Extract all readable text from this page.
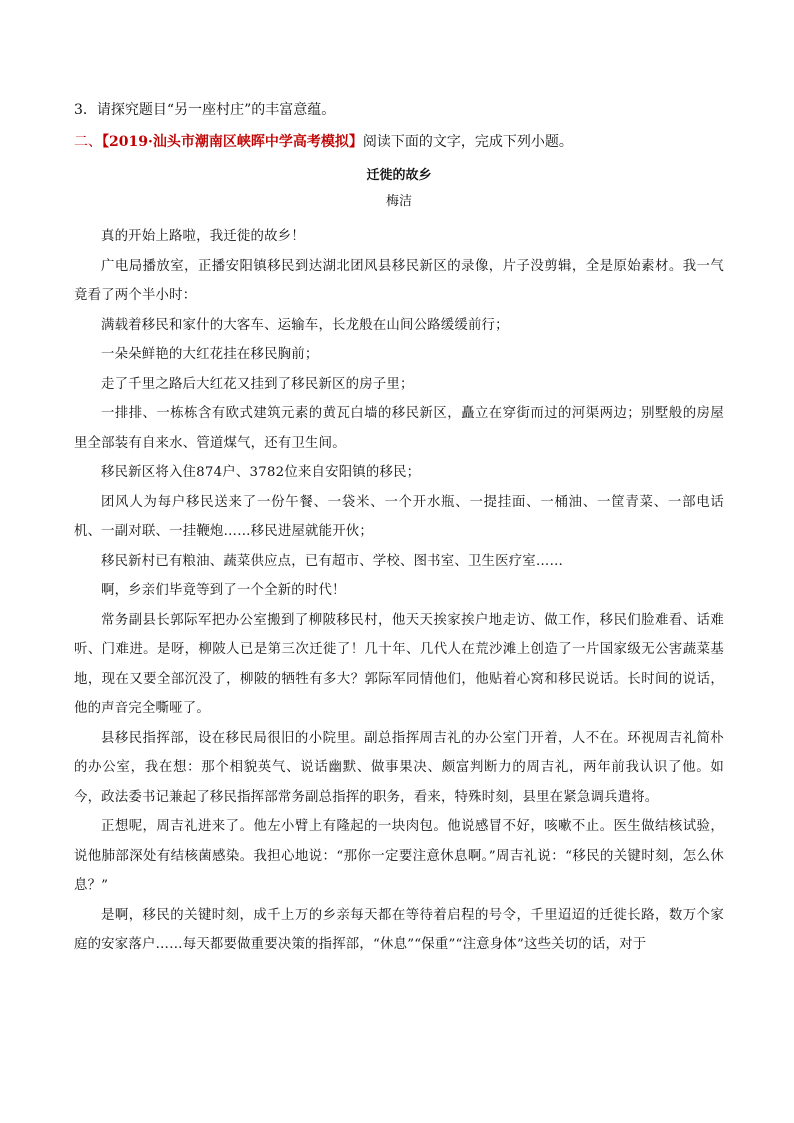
3．请探究题目“另一座村庄”的丰富意蕴。

二、【2019·汕头市潮南区峡晖中学高考模拟】阅读下面的文字，完成下列小题。

迁徙的故乡
梅洁

真的开始上路啦，我迁徙的故乡！

广电局播放室，正播安阳镇移民到达湖北团风县移民新区的录像，片子没剪辑，全是原始素材。我一气竟看了两个半小时：

满载着移民和家什的大客车、运输车，长龙般在山间公路缓缓前行；

一朵朵鲜艳的大红花挂在移民胸前；

走了千里之路后大红花又挂到了移民新区的房子里；

一排排、一栋栋含有欧式建筑元素的黄瓦白墙的移民新区，矗立在穿街而过的河渠两边；别墅般的房屋里全部装有自来水、管道煤气，还有卫生间。

移民新区将入住874户、3782位来自安阳镇的移民；

团风人为每户移民送来了一份午餐、一袋米、一个开水瓶、一提挂面、一桶油、一筐青菜、一部电话机、一副对联、一挂鞭炮……移民进屋就能开伙；

移民新村已有粮油、蔬菜供应点，已有超市、学校、图书室、卫生医疗室……

啊，乡亲们毕竟等到了一个全新的时代！

常务副县长郭际军把办公室搬到了柳陂移民村，他天天挨家挨户地走访、做工作，移民们脸难看、话难听、门难进。是呀，柳陂人已是第三次迁徙了！几十年、几代人在荒沙滩上创造了一片国家级无公害蔬菜基地，现在又要全部沉没了，柳陂的牺牲有多大？郭际军同情他们，他贴着心窝和移民说话。长时间的说话，他的声音完全嘶哑了。

县移民指挥部，设在移民局很旧的小院里。副总指挥周吉礼的办公室门开着，人不在。环视周吉礼简朴的办公室，我在想：那个相貌英气、说话幽默、做事果决、颇富判断力的周吉礼，两年前我认识了他。如今，政法委书记兼起了移民指挥部常务副总指挥的职务，看来，特殊时刻，县里在紧急调兵遣将。

正想呢，周吉礼进来了。他左小臂上有隆起的一块肉包。他说感冒不好，咳嗽不止。医生做结核试验，说他肺部深处有结核菌感染。我担心地说：“那你一定要注意休息啊。”周吉礼说：“移民的关键时刻，怎么休息？”

是啊，移民的关键时刻，成千上万的乡亲每天都在等待着启程的号令，千里迢迢的迁徙长路，数万个家庭的安家落户……每天都要做重要决策的指挥部，“休息”“保重”“注意身体”这些关切的话，对于
